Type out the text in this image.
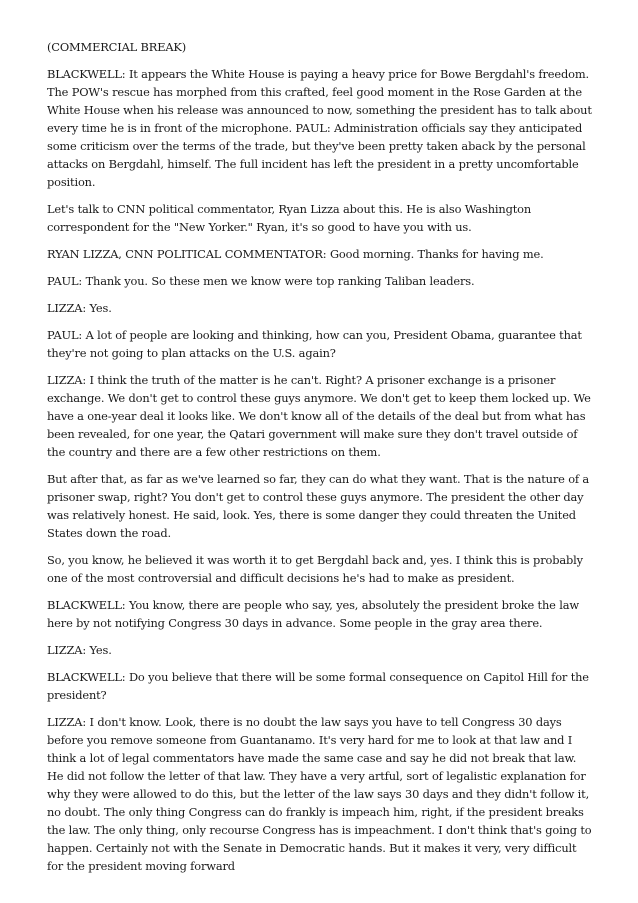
(COMMERCIAL BREAK)

BLACKWELL: It appears the White House is paying a heavy price for Bowe Bergdahl's freedom. The POW's rescue has morphed from this crafted, feel good moment in the Rose Garden at the White House when his release was announced to now, something the president has to talk about every time he is in front of the microphone. PAUL: Administration officials say they anticipated some criticism over the terms of the trade, but they've been pretty taken aback by the personal attacks on Bergdahl, himself. The full incident has left the president in a pretty uncomfortable position.

Let's talk to CNN political commentator, Ryan Lizza about this. He is also Washington correspondent for the "New Yorker." Ryan, it's so good to have you with us.

RYAN LIZZA, CNN POLITICAL COMMENTATOR: Good morning. Thanks for having me.

PAUL: Thank you. So these men we know were top ranking Taliban leaders.

LIZZA: Yes.

PAUL: A lot of people are looking and thinking, how can you, President Obama, guarantee that they're not going to plan attacks on the U.S. again?

LIZZA: I think the truth of the matter is he can't. Right? A prisoner exchange is a prisoner exchange. We don't get to control these guys anymore. We don't get to keep them locked up. We have a one-year deal it looks like. We don't know all of the details of the deal but from what has been revealed, for one year, the Qatari government will make sure they don't travel outside of the country and there are a few other restrictions on them.

But after that, as far as we've learned so far, they can do what they want. That is the nature of a prisoner swap, right? You don't get to control these guys anymore. The president the other day was relatively honest. He said, look. Yes, there is some danger they could threaten the United States down the road.

So, you know, he believed it was worth it to get Bergdahl back and, yes. I think this is probably one of the most controversial and difficult decisions he's had to make as president.

BLACKWELL: You know, there are people who say, yes, absolutely the president broke the law here by not notifying Congress 30 days in advance. Some people in the gray area there.

LIZZA: Yes.

BLACKWELL: Do you believe that there will be some formal consequence on Capitol Hill for the president?

LIZZA: I don't know. Look, there is no doubt the law says you have to tell Congress 30 days before you remove someone from Guantanamo. It's very hard for me to look at that law and I think a lot of legal commentators have made the same case and say he did not break that law. He did not follow the letter of that law. They have a very artful, sort of legalistic explanation for why they were allowed to do this, but the letter of the law says 30 days and they didn't follow it, no doubt. The only thing Congress can do frankly is impeach him, right, if the president breaks the law. The only thing, only recourse Congress has is impeachment. I don't think that's going to happen. Certainly not with the Senate in Democratic hands. But it makes it very, very difficult for the president moving forward
